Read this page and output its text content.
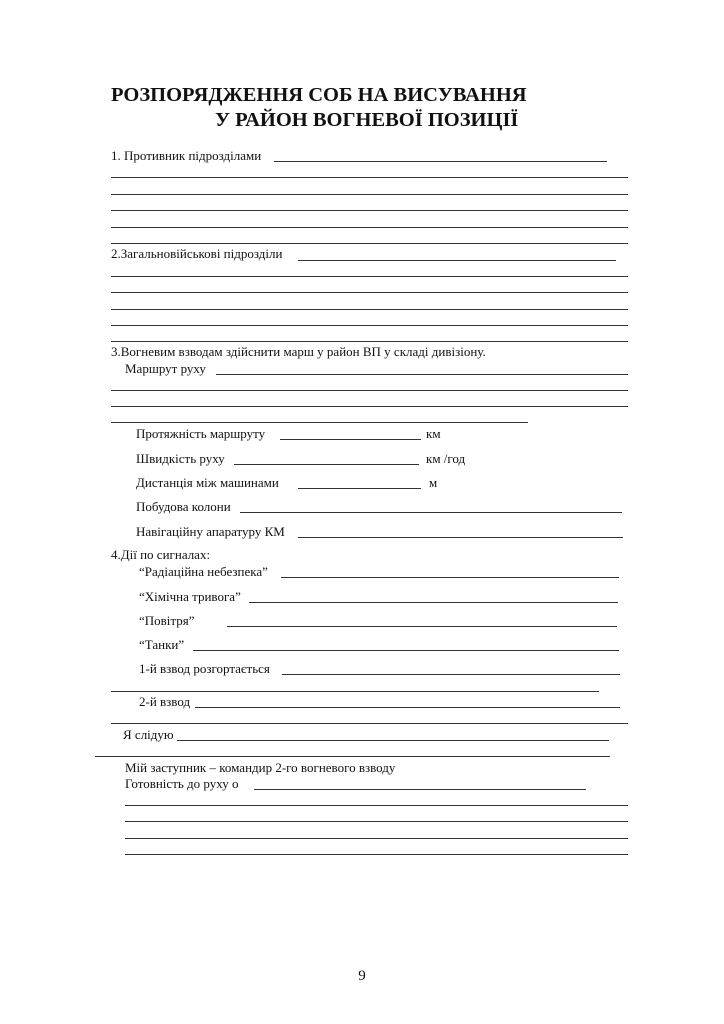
РОЗПОРЯДЖЕННЯ СОБ НА ВИСУВАННЯ
У РАЙОН ВОГНЕВОЇ ПОЗИЦІЇ
1. Противник підрозділами
2.Загальновійськові підрозділи
3.Вогневим взводам здійснити марш у район ВП у складі дивізіону.
Маршрут руху
Протяжність маршруту	км
Швидкість руху	км /год
Дистанція між машинами	м
Побудова колони
Навігаційну апаратуру КМ
4.Дії по сигналах:
“Радіаційна небезпека”
“Хімічна тривога”
“Повітря”
“Танки”
1-й взвод розгортається
2-й взвод
Я слідую
Мій заступник – командир 2-го вогневого взводу
Готовність до руху о
9
